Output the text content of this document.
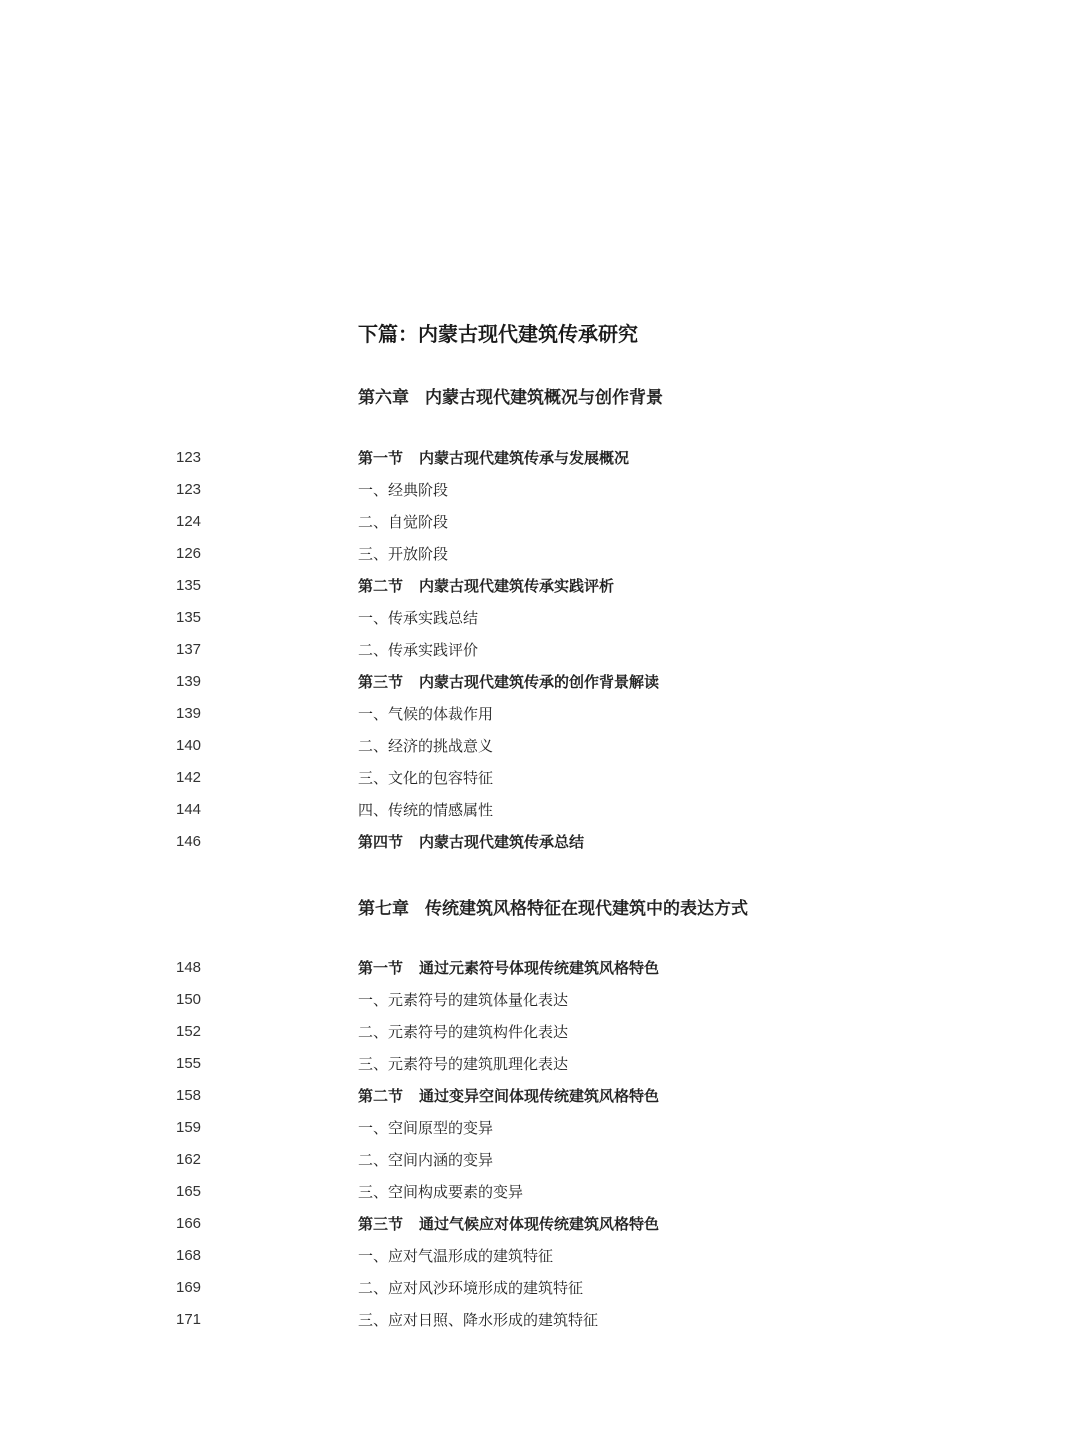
下篇：内蒙古现代建筑传承研究
第六章 内蒙古现代建筑概况与创作背景
123	第一节 内蒙古现代建筑传承与发展概况
123	一、经典阶段
124	二、自觉阶段
126	三、开放阶段
135	第二节 内蒙古现代建筑传承实践评析
135	一、传承实践总结
137	二、传承实践评价
139	第三节 内蒙古现代建筑传承的创作背景解读
139	一、气候的体裁作用
140	二、经济的挑战意义
142	三、文化的包容特征
144	四、传统的情感属性
146	第四节 内蒙古现代建筑传承总结
第七章 传统建筑风格特征在现代建筑中的表达方式
148	第一节 通过元素符号体现传统建筑风格特色
150	一、元素符号的建筑体量化表达
152	二、元素符号的建筑构件化表达
155	三、元素符号的建筑肌理化表达
158	第二节 通过变异空间体现传统建筑风格特色
159	一、空间原型的变异
162	二、空间内涵的变异
165	三、空间构成要素的变异
166	第三节 通过气候应对体现传统建筑风格特色
168	一、应对气温形成的建筑特征
169	二、应对风沙环境形成的建筑特征
171	三、应对日照、降水形成的建筑特征
